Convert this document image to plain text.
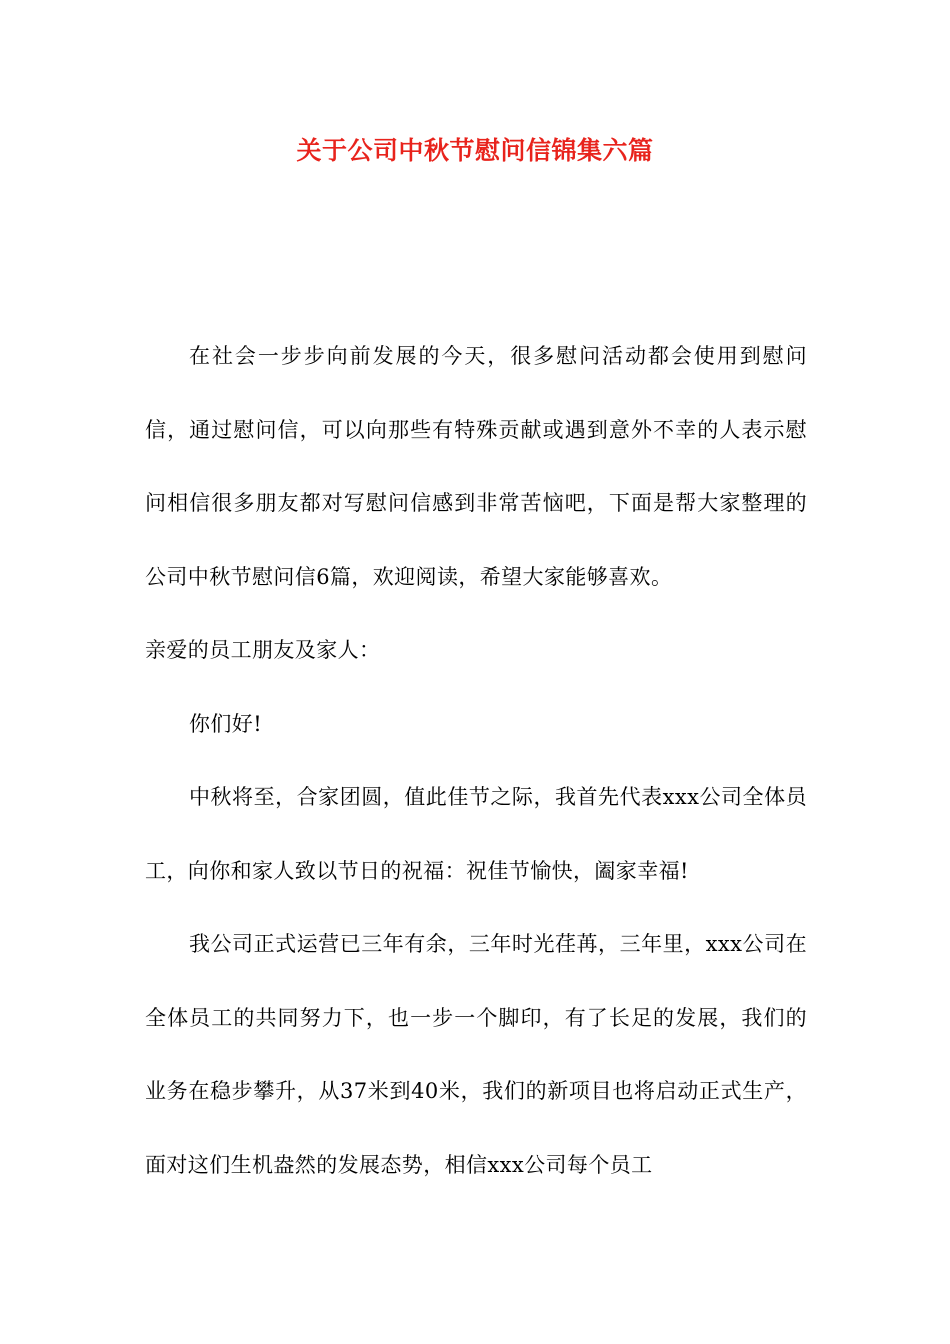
关于公司中秋节慰问信锦集六篇

在社会一步步向前发展的今天，很多慰问活动都会使用到慰问信，通过慰问信，可以向那些有特殊贡献或遇到意外不幸的人表示慰问相信很多朋友都对写慰问信感到非常苦恼吧，下面是帮大家整理的公司中秋节慰问信6篇，欢迎阅读，希望大家能够喜欢。

亲爱的员工朋友及家人：

你们好!

中秋将至，合家团圆，值此佳节之际，我首先代表xxx公司全体员工，向你和家人致以节日的祝福：祝佳节愉快，阖家幸福!

我公司正式运营已三年有余，三年时光荏苒，三年里，xxx公司在全体员工的共同努力下，也一步一个脚印，有了长足的发展，我们的业务在稳步攀升，从37米到40米，我们的新项目也将启动正式生产，面对这们生机盎然的发展态势，相信xxx公司每个员工
